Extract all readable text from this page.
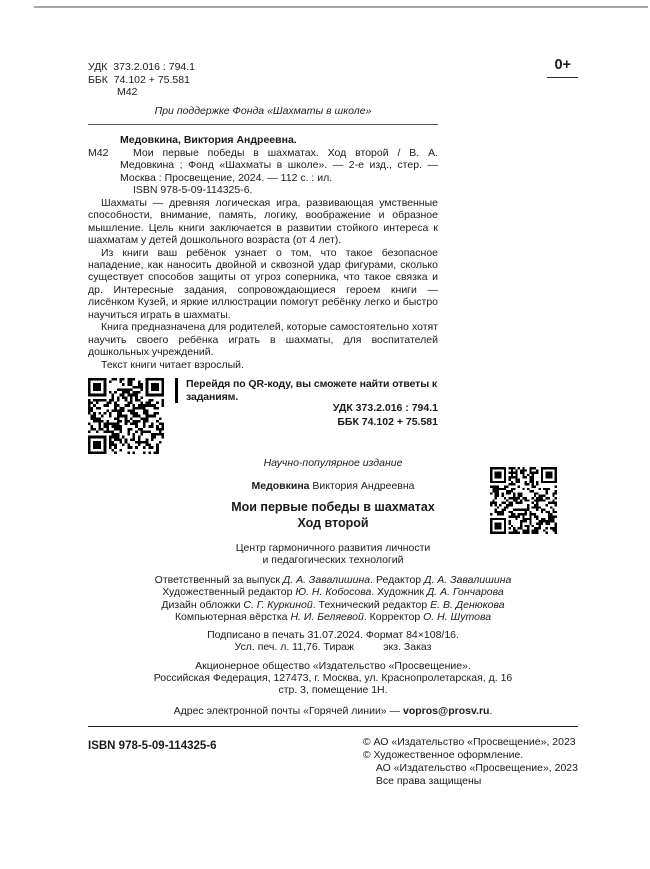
УДК  373.2.016 : 794.1
ББК  74.102 + 75.581
М42
0+
При поддержке Фонда «Шахматы в школе»
М42

Медовкина, Виктория Андреевна.

Мои первые победы в шахматах. Ход второй / В. А. Медовкина ; Фонд «Шахматы в школе». — 2-е изд., стер. — Москва : Просвещение, 2024. — 112 с. : ил.

ISBN 978-5-09-114325-6.

Шахматы — древняя логическая игра, развивающая умственные способности, внимание, память, логику, воображение и образное мышление. Цель книги заключается в развитии стойкого интереса к шахматам у детей дошкольного возраста (от 4 лет).

Из книги ваш ребёнок узнает о том, что такое безопасное нападение, как наносить двойной и сквозной удар фигурами, сколько существует способов защиты от угроз соперника, что такое связка и др. Интересные задания, сопровождающиеся героем книги — лисёнком Кузей, и яркие иллюстрации помогут ребёнку легко и быстро научиться играть в шахматы.

Книга предназначена для родителей, которые самостоятельно хотят научить своего ребёнка играть в шахматы, для воспитателей дошкольных учреждений.

Текст книги читает взрослый.

Перейдя по QR-коду, вы сможете найти ответы к заданиям.
УДК 373.2.016 : 794.1
ББК 74.102 + 75.581

Научно-популярное издание

Медовкина Виктория Андреевна

Мои первые победы в шахматах

Ход второй

Центр гармоничного развития личности

и педагогических технологий

Ответственный за выпуск Д. А. Завалишина. Редактор Д. А. Завалишина

Художественный редактор Ю. Н. Кобосова. Художник Д. А. Гончарова

Дизайн обложки С. Г. Куркиной. Технический редактор Е. В. Денюкова

Компьютерная вёрстка Н. И. Беляевой. Корректор О. Н. Шутова

Подписано в печать 31.07.2024. Формат 84×108/16.

Усл. печ. л. 11,76. Тираж          экз. Заказ

Акционерное общество «Издательство «Просвещение».

Российская Федерация, 127473, г. Москва, ул. Краснопролетарская, д. 16

стр. 3, помещение 1Н.

Адрес электронной почты «Горячей линии» — vopros@prosv.ru.

ISBN 978-5-09-114325-6	© АО «Издательство «Просвещение», 2023

© Художественное оформление.

АО «Издательство «Просвещение», 2023

Все права защищены
